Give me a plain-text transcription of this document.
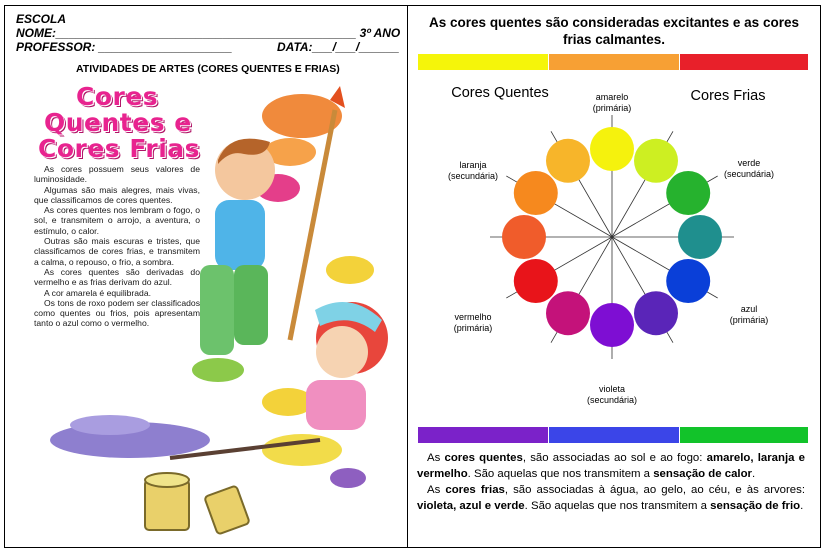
ESCOLA
NOME:_____________________________________________ 3º ANO
PROFESSOR: ____________________	DATA:___/___/______
ATIVIDADES DE ARTES (CORES QUENTES E FRIAS)
Cores
Quentes e
Cores Frias

As cores possuem seus valores de luminosidade.

Algumas são mais alegres, mais vivas, que classificamos de cores quentes.

As cores quentes nos lembram o fogo, o sol, e transmitem o arrojo, a aventura, o estímulo, o calor.

Outras são mais escuras e tristes, que classificamos de cores frias, e transmitem a calma, o repouso, o frio, a sombra.

As cores quentes são derivadas do vermelho e as frias derivam do azul.

A cor amarela é equilibrada.

Os tons de roxo podem ser classificados como quentes ou frios, pois apresentam tanto o azul como o vermelho.

As cores quentes são consideradas excitantes e as cores frias calmantes.
amarelo
(primária)
verde
(secundária)
azul
(primária)
violeta
(secundária)
vermelho
(primária)
laranja
(secundária)
Cores Quentes	Cores Frias

As cores quentes, são associadas ao sol e ao fogo: amarelo, laranja e vermelho. São aquelas que nos transmitem a sensação de calor.

As cores frias, são associadas à água, ao gelo, ao céu, e às arvores: violeta, azul e verde. São aquelas que nos transmitem a sensação de frio.
